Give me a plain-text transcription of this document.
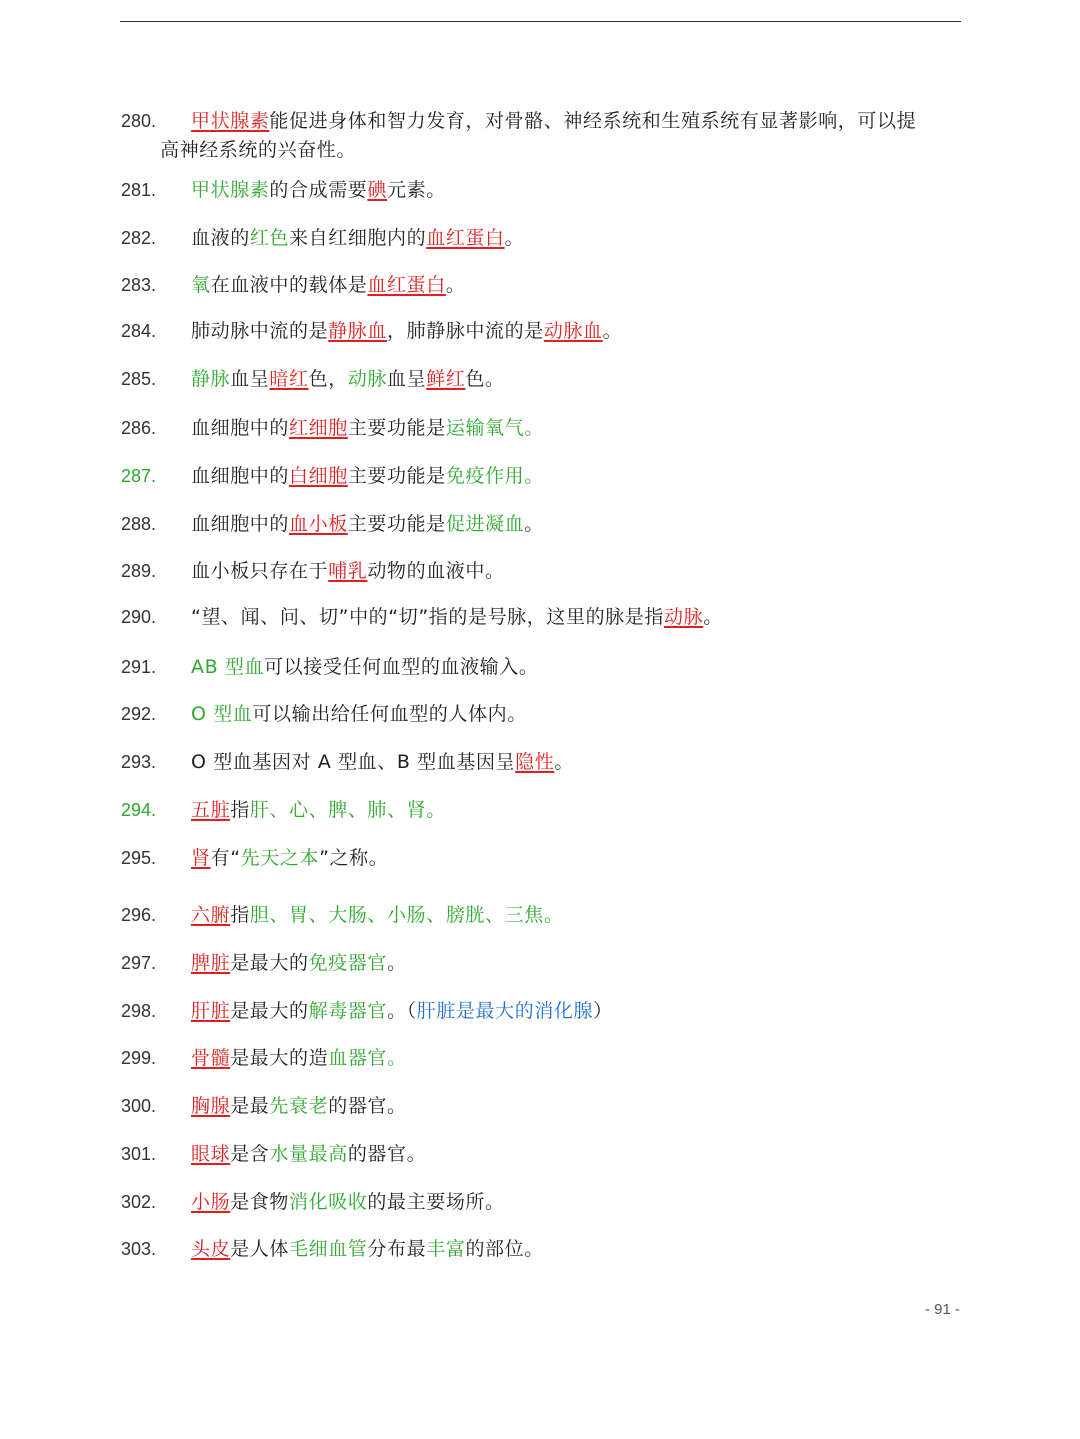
280. 甲状腺素能促进身体和智力发育，对骨骼、神经系统和生殖系统有显著影响，可以提
高神经系统的兴奋性。
281. 甲状腺素的合成需要碘元素。
282. 血液的红色来自红细胞内的血红蛋白。
283. 氧在血液中的载体是血红蛋白。
284. 肺动脉中流的是静脉血，肺静脉中流的是动脉血。
285. 静脉血呈暗红色，动脉血呈鲜红色。
286. 血细胞中的红细胞主要功能是运输氧气。
287. 血细胞中的白细胞主要功能是免疫作用。
288. 血细胞中的血小板主要功能是促进凝血。
289. 血小板只存在于哺乳动物的血液中。
290. “望、闻、问、切”中的“切”指的是号脉，这里的脉是指动脉。
291. AB 型血可以接受任何血型的血液输入。
292. O 型血可以输出给任何血型的人体内。
293. O 型血基因对 A 型血、B 型血基因呈隐性。
294. 五脏指肝、心、脾、肺、肾。
295. 肾有“先天之本”之称。
296. 六腑指胆、胃、大肠、小肠、膀胱、三焦。
297. 脾脏是最大的免疫器官。
298. 肝脏是最大的解毒器官。（肝脏是最大的消化腺）
299. 骨髓是最大的造血器官。
300. 胸腺是最先衰老的器官。
301. 眼球是含水量最高的器官。
302. 小肠是食物消化吸收的最主要场所。
303. 头皮是人体毛细血管分布最丰富的部位。
- 91 -
